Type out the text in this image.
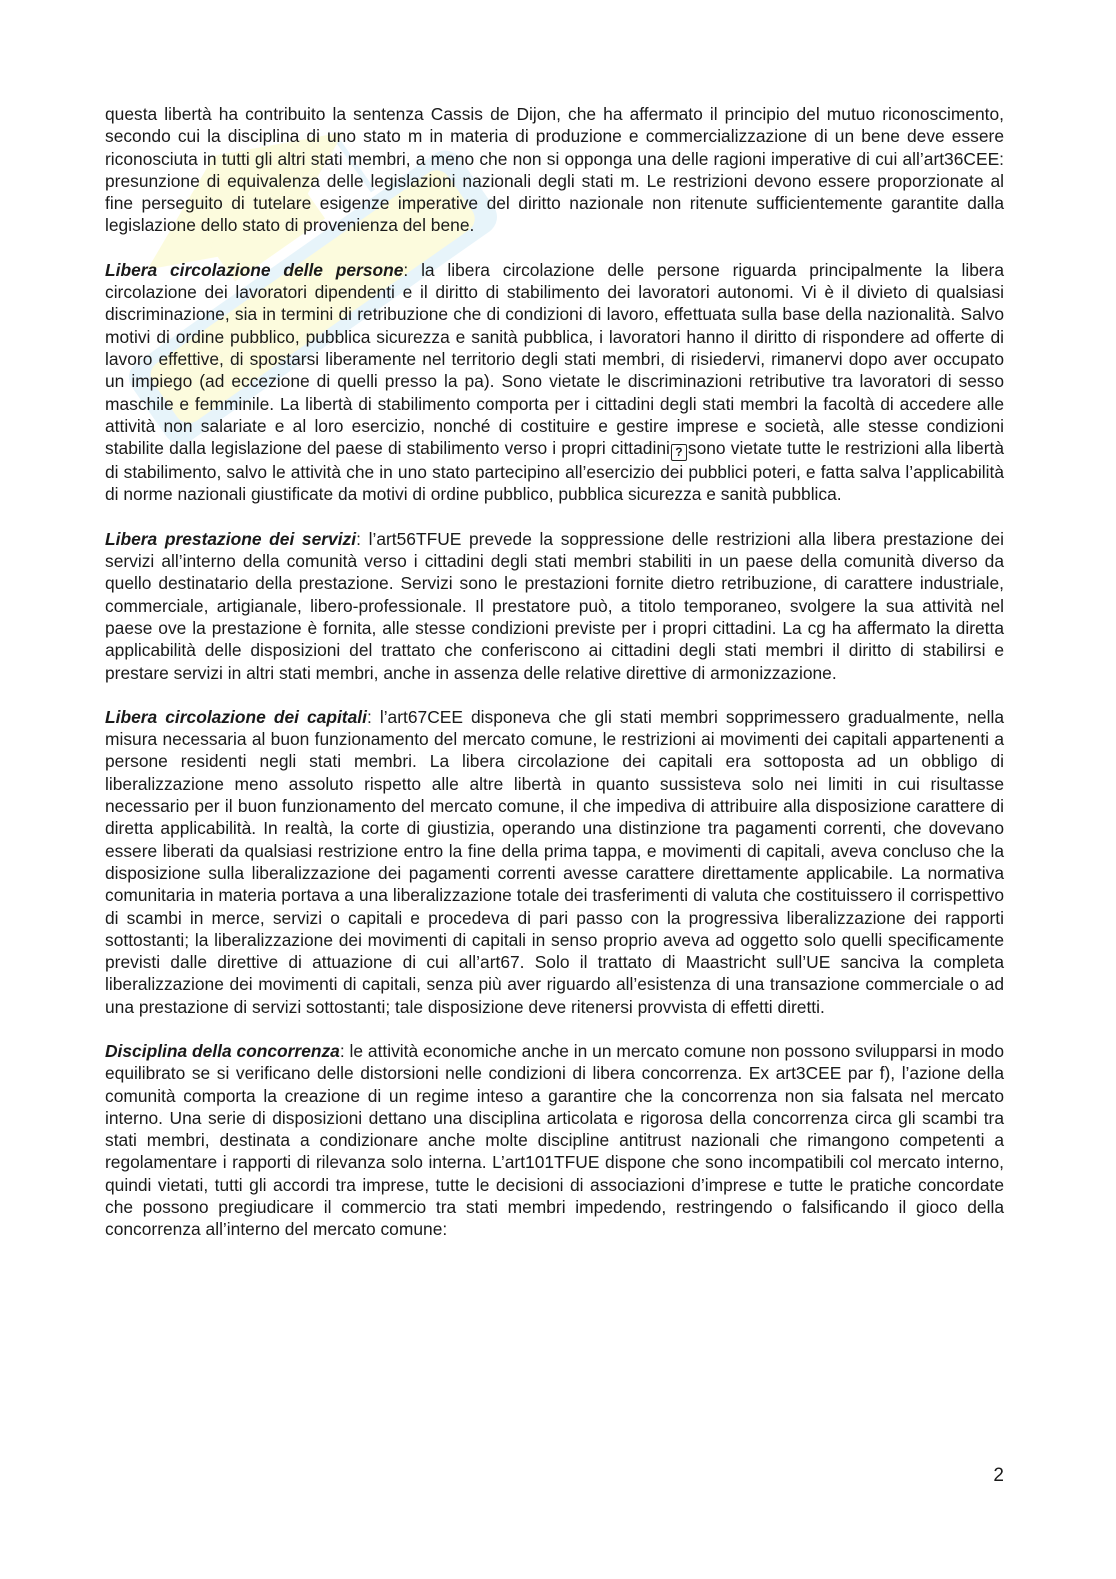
questa libertà ha contribuito la sentenza Cassis de Dijon, che ha affermato il principio del mutuo riconoscimento, secondo cui la disciplina di uno stato m in materia di produzione e commercializzazione di un bene deve essere riconosciuta in tutti gli altri stati membri, a meno che non si opponga una delle ragioni imperative di cui all’art36CEE: presunzione di equivalenza delle legislazioni nazionali degli stati m. Le restrizioni devono essere proporzionate al fine perseguito di tutelare esigenze imperative del diritto nazionale non ritenute sufficientemente garantite dalla legislazione dello stato di provenienza del bene.

Libera circolazione delle persone: la libera circolazione delle persone riguarda principalmente la libera circolazione dei lavoratori dipendenti e il diritto di stabilimento dei lavoratori autonomi. Vi è il divieto di qualsiasi discriminazione, sia in termini di retribuzione che di condizioni di lavoro, effettuata sulla base della nazionalità. Salvo motivi di ordine pubblico, pubblica sicurezza e sanità pubblica, i lavoratori hanno il diritto di rispondere ad offerte di lavoro effettive, di spostarsi liberamente nel territorio degli stati membri, di risiedervi, rimanervi dopo aver occupato un impiego (ad eccezione di quelli presso la pa). Sono vietate le discriminazioni retributive tra lavoratori di sesso maschile e femminile. La libertà di stabilimento comporta per i cittadini degli stati membri la facoltà di accedere alle attività non salariate e al loro esercizio, nonché di costituire e gestire imprese e società, alle stesse condizioni stabilite dalla legislazione del paese di stabilimento verso i propri cittadini ? sono vietate tutte le restrizioni alla libertà di stabilimento, salvo le attività che in uno stato partecipino all’esercizio dei pubblici poteri, e fatta salva l’applicabilità di norme nazionali giustificate da motivi di ordine pubblico, pubblica sicurezza e sanità pubblica.

Libera prestazione dei servizi: l’art56TFUE prevede la soppressione delle restrizioni alla libera prestazione dei servizi all’interno della comunità verso i cittadini degli stati membri stabiliti in un paese della comunità diverso da quello destinatario della prestazione. Servizi sono le prestazioni fornite dietro retribuzione, di carattere industriale, commerciale, artigianale, libero-professionale. Il prestatore può, a titolo temporaneo, svolgere la sua attività nel paese ove la prestazione è fornita, alle stesse condizioni previste per i propri cittadini. La cg ha affermato la diretta applicabilità delle disposizioni del trattato che conferiscono ai cittadini degli stati membri il diritto di stabilirsi e prestare servizi in altri stati membri, anche in assenza delle relative direttive di armonizzazione.

Libera circolazione dei capitali: l’art67CEE disponeva che gli stati membri sopprimessero gradualmente, nella misura necessaria al buon funzionamento del mercato comune, le restrizioni ai movimenti dei capitali appartenenti a persone residenti negli stati membri. La libera circolazione dei capitali era sottoposta ad un obbligo di liberalizzazione meno assoluto rispetto alle altre libertà in quanto sussisteva solo nei limiti in cui risultasse necessario per il buon funzionamento del mercato comune, il che impediva di attribuire alla disposizione carattere di diretta applicabilità. In realtà, la corte di giustizia, operando una distinzione tra pagamenti correnti, che dovevano essere liberati da qualsiasi restrizione entro la fine della prima tappa, e movimenti di capitali, aveva concluso che la disposizione sulla liberalizzazione dei pagamenti correnti avesse carattere direttamente applicabile. La normativa comunitaria in materia portava a una liberalizzazione totale dei trasferimenti di valuta che costituissero il corrispettivo di scambi in merce, servizi o capitali e procedeva di pari passo con la progressiva liberalizzazione dei rapporti sottostanti; la liberalizzazione dei movimenti di capitali in senso proprio aveva ad oggetto solo quelli specificamente previsti dalle direttive di attuazione di cui all’art67. Solo il trattato di Maastricht sull’UE sanciva la completa liberalizzazione dei movimenti di capitali, senza più aver riguardo all’esistenza di una transazione commerciale o ad una prestazione di servizi sottostanti; tale disposizione deve ritenersi provvista di effetti diretti.

Disciplina della concorrenza: le attività economiche anche in un mercato comune non possono svilupparsi in modo equilibrato se si verificano delle distorsioni nelle condizioni di libera concorrenza. Ex art3CEE par f), l’azione della comunità comporta la creazione di un regime inteso a garantire che la concorrenza non sia falsata nel mercato interno. Una serie di disposizioni dettano una disciplina articolata e rigorosa della concorrenza circa gli scambi tra stati membri, destinata a condizionare anche molte discipline antitrust nazionali che rimangono competenti a regolamentare i rapporti di rilevanza solo interna. L’art101TFUE dispone che sono incompatibili col mercato interno, quindi vietati, tutti gli accordi tra imprese, tutte le decisioni di associazioni d’imprese e tutte le pratiche concordate che possono pregiudicare il commercio tra stati membri impedendo, restringendo o falsificando il gioco della concorrenza all’interno del mercato comune:

2
